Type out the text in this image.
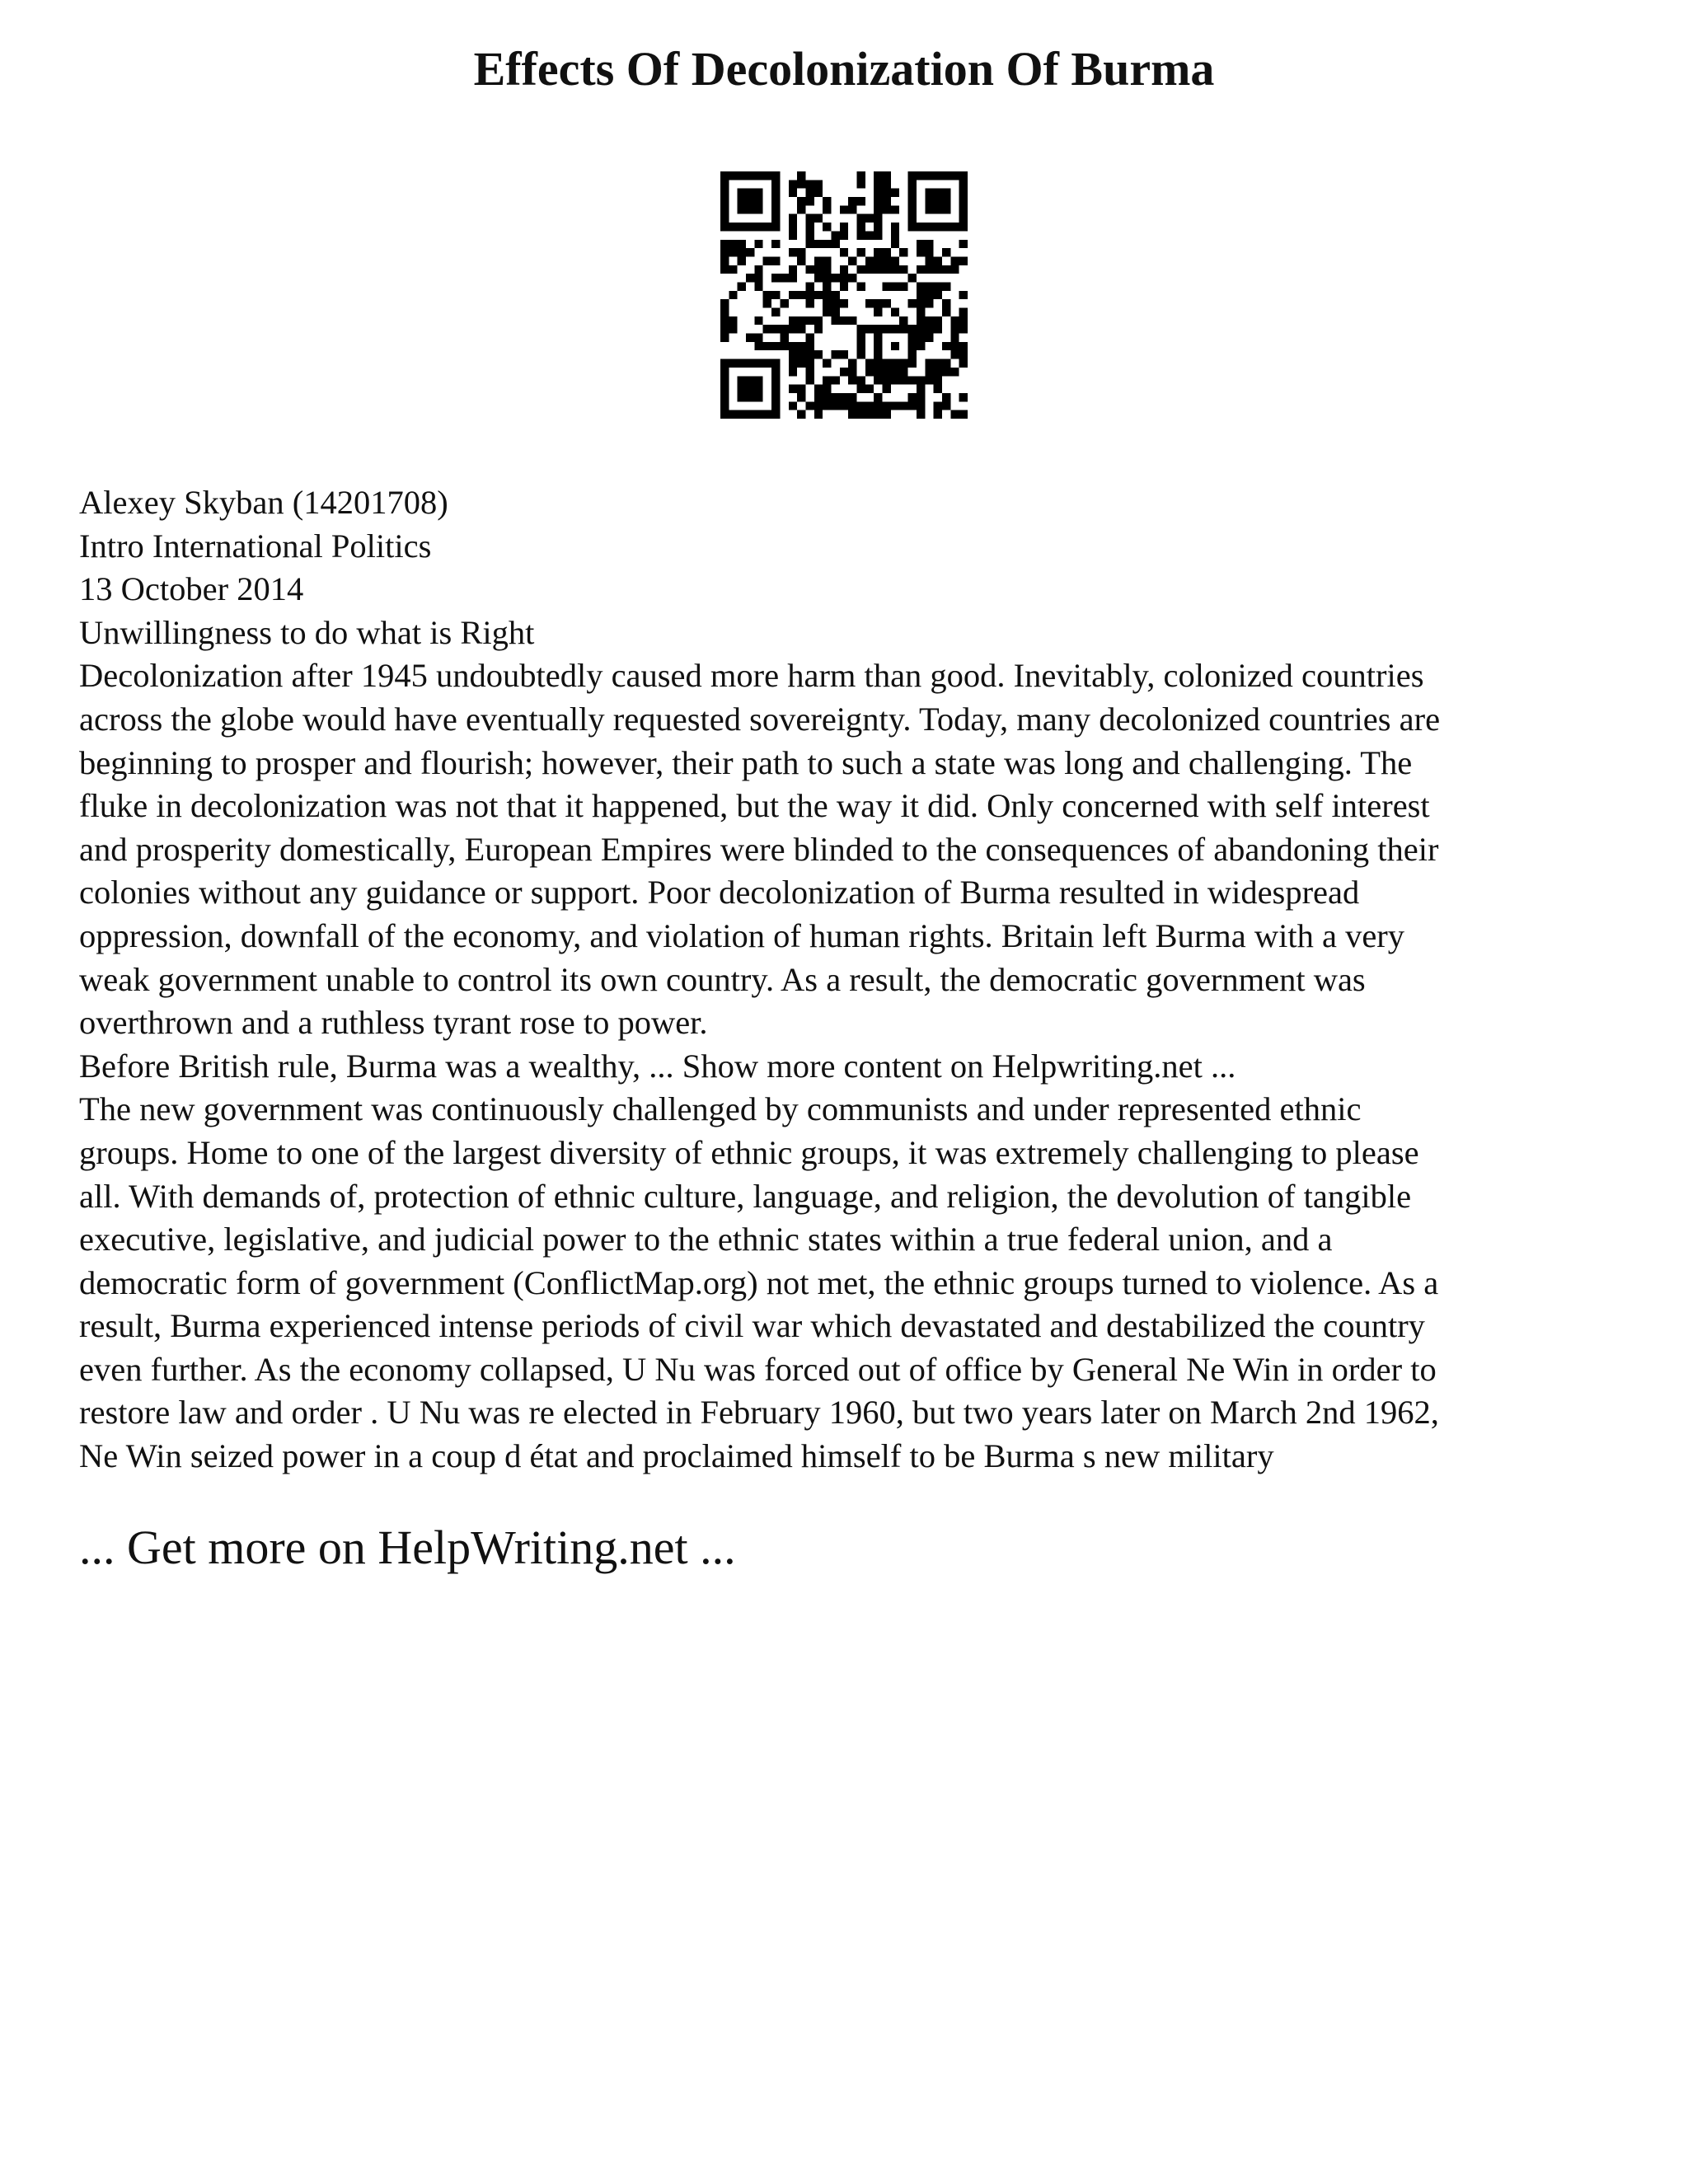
Effects Of Decolonization Of Burma
Alexey Skyban (14201708)
Intro International Politics
13 October 2014
Unwillingness to do what is Right
Decolonization after 1945 undoubtedly caused more harm than good. Inevitably, colonized countries
across the globe would have eventually requested sovereignty. Today, many decolonized countries are
beginning to prosper and flourish; however, their path to such a state was long and challenging. The
fluke in decolonization was not that it happened, but the way it did. Only concerned with self interest
and prosperity domestically, European Empires were blinded to the consequences of abandoning their
colonies without any guidance or support. Poor decolonization of Burma resulted in widespread
oppression, downfall of the economy, and violation of human rights. Britain left Burma with a very
weak government unable to control its own country. As a result, the democratic government was
overthrown and a ruthless tyrant rose to power.
Before British rule, Burma was a wealthy, ... Show more content on Helpwriting.net ...
The new government was continuously challenged by communists and under represented ethnic
groups. Home to one of the largest diversity of ethnic groups, it was extremely challenging to please
all. With demands of, protection of ethnic culture, language, and religion, the devolution of tangible
executive, legislative, and judicial power to the ethnic states within a true federal union, and a
democratic form of government (ConflictMap.org) not met, the ethnic groups turned to violence. As a
result, Burma experienced intense periods of civil war which devastated and destabilized the country
even further. As the economy collapsed, U Nu was forced out of office by General Ne Win in order to
restore law and order . U Nu was re elected in February 1960, but two years later on March 2nd 1962,
Ne Win seized power in a coup d état and proclaimed himself to be Burma s new military
... Get more on HelpWriting.net ...
